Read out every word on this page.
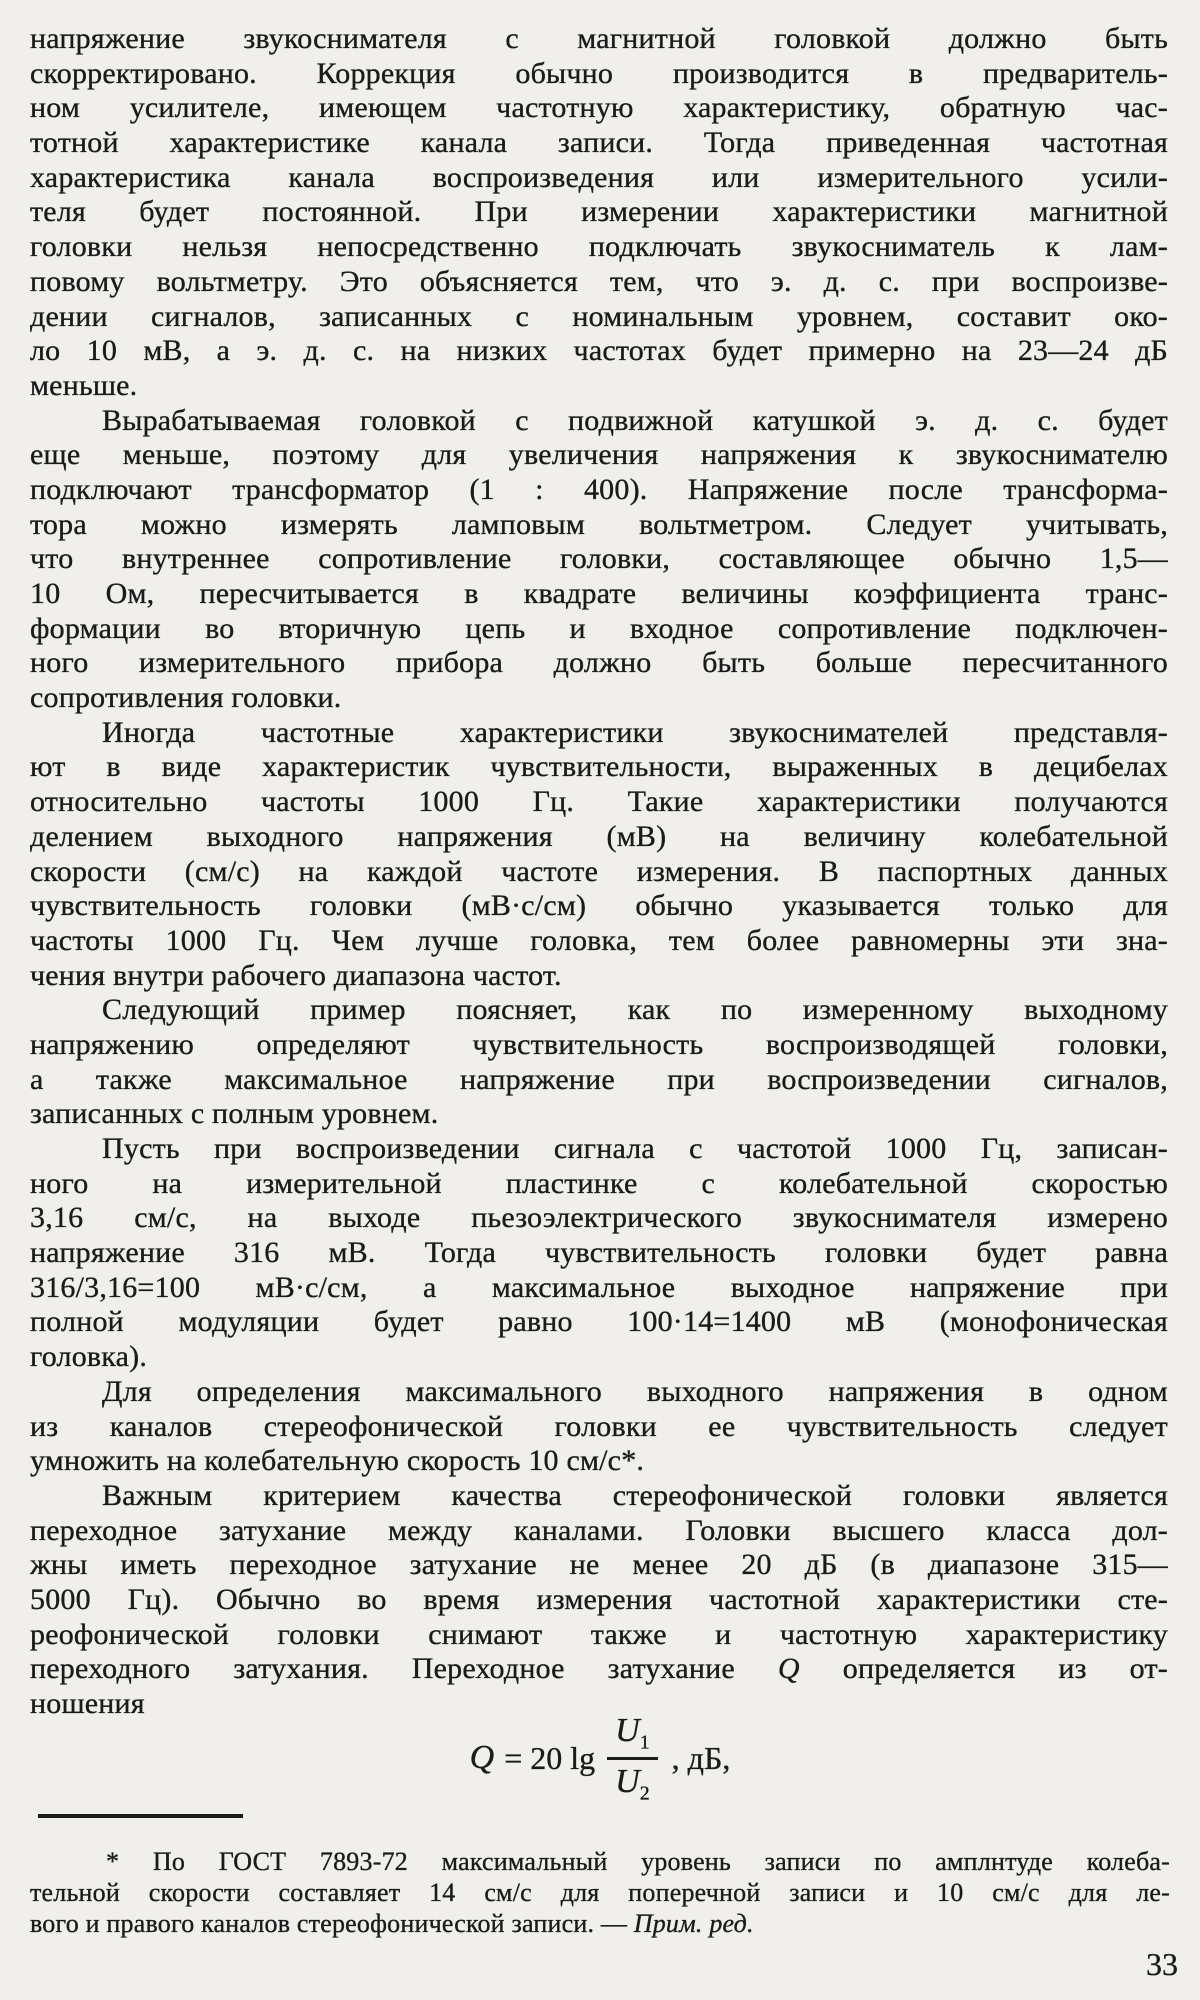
напряжение звукоснимателя с магнитной головкой должно быть
скорректировано. Коррекция обычно производится в предваритель-
ном усилителе, имеющем частотную характеристику, обратную час-
тотной характеристике канала записи. Тогда приведенная частотная
характеристика канала воспроизведения или измерительного усили-
теля будет постоянной. При измерении характеристики магнитной
головки нельзя непосредственно подключать звукосниматель к лам-
повому вольтметру. Это объясняется тем, что э. д. с. при воспроизве-
дении сигналов, записанных с номинальным уровнем, составит око-
ло 10 мВ, а э. д. с. на низких частотах будет примерно на 23—24 дБ
меньше.
Вырабатываемая головкой с подвижной катушкой э. д. с. будет
еще меньше, поэтому для увеличения напряжения к звукоснимателю
подключают трансформатор (1 : 400). Напряжение после трансформа-
тора можно измерять ламповым вольтметром. Следует учитывать,
что внутреннее сопротивление головки, составляющее обычно 1,5—
10 Ом, пересчитывается в квадрате величины коэффициента транс-
формации во вторичную цепь и входное сопротивление подключен-
ного измерительного прибора должно быть больше пересчитанного
сопротивления головки.
Иногда частотные характеристики звукоснимателей представля-
ют в виде характеристик чувствительности, выраженных в децибелах
относительно частоты 1000 Гц. Такие характеристики получаются
делением выходного напряжения (мВ) на величину колебательной
скорости (см/с) на каждой частоте измерения. В паспортных данных
чувствительность головки (мВ·с/см) обычно указывается только для
частоты 1000 Гц. Чем лучше головка, тем более равномерны эти зна-
чения внутри рабочего диапазона частот.
Следующий пример поясняет, как по измеренному выходному
напряжению определяют чувствительность воспроизводящей головки,
а также максимальное напряжение при воспроизведении сигналов,
записанных с полным уровнем.
Пусть при воспроизведении сигнала с частотой 1000 Гц, записан-
ного на измерительной пластинке с колебательной скоростью
3,16 см/с, на выходе пьезоэлектрического звукоснимателя измерено
напряжение 316 мВ. Тогда чувствительность головки будет равна
316/3,16=100 мВ·с/см, а максимальное выходное напряжение при
полной модуляции будет равно 100·14=1400 мВ (монофоническая
головка).
Для определения максимального выходного напряжения в одном
из каналов стереофонической головки ее чувствительность следует
умножить на колебательную скорость 10 см/с*.
Важным критерием качества стереофонической головки является
переходное затухание между каналами. Головки высшего класса дол-
жны иметь переходное затухание не менее 20 дБ (в диапазоне 315—
5000 Гц). Обычно во время измерения частотной характеристики сте-
реофонической головки снимают также и частотную характеристику
переходного затухания. Переходное затухание Q определяется из от-
ношения
Q = 20 $\lg \frac{U_1}{U_2}$ , дБ,
* По ГОСТ 7893-72 максимальный уровень записи по амплнтуде колеба-
тельной скорости составляет 14 см/с для поперечной записи и 10 см/с для ле-
вого и правого каналов стереофонической записи. — Прим. ред.
33
